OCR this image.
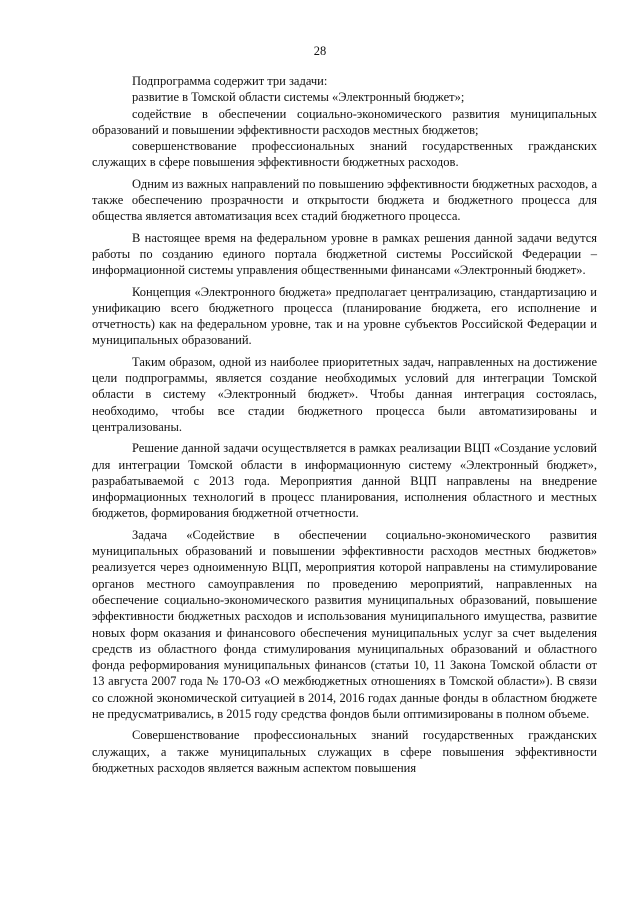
28

Подпрограмма содержит три задачи:

развитие в Томской области системы «Электронный бюджет»;

содействие в обеспечении социально-экономического развития муниципальных образований и повышении эффективности расходов местных бюджетов;

совершенствование профессиональных знаний государственных гражданских служащих в сфере повышения эффективности бюджетных расходов.

Одним из важных направлений по повышению эффективности бюджетных расходов, а также обеспечению прозрачности и открытости бюджета и бюджетного процесса для общества является автоматизация всех стадий бюджетного процесса.

В настоящее время на федеральном уровне в рамках решения данной задачи ведутся работы по созданию единого портала бюджетной системы Российской Федерации – информационной системы управления общественными финансами «Электронный бюджет».

Концепция «Электронного бюджета» предполагает централизацию, стандартизацию и унификацию всего бюджетного процесса (планирование бюджета, его исполнение и отчетность) как на федеральном уровне, так и на уровне субъектов Российской Федерации и муниципальных образований.

Таким образом, одной из наиболее приоритетных задач, направленных на достижение цели подпрограммы, является создание необходимых условий для интеграции Томской области в систему «Электронный бюджет». Чтобы данная интеграция состоялась, необходимо, чтобы все стадии бюджетного процесса были автоматизированы и централизованы.

Решение данной задачи осуществляется в рамках реализации ВЦП «Создание условий для интеграции Томской области в информационную систему «Электронный бюджет», разрабатываемой с 2013 года. Мероприятия данной ВЦП направлены на внедрение информационных технологий в процесс планирования, исполнения областного и местных бюджетов, формирования бюджетной отчетности.

Задача «Содействие в обеспечении социально-экономического развития муниципальных образований и повышении эффективности расходов местных бюджетов» реализуется через одноименную ВЦП, мероприятия которой направлены на стимулирование органов местного самоуправления по проведению мероприятий, направленных на обеспечение социально-экономического развития муниципальных образований, повышение эффективности бюджетных расходов и использования муниципального имущества, развитие новых форм оказания и финансового обеспечения муниципальных услуг за счет выделения средств из областного фонда стимулирования муниципальных образований и областного фонда реформирования муниципальных финансов (статьи 10, 11 Закона Томской области от 13 августа 2007 года № 170-ОЗ «О межбюджетных отношениях в Томской области»). В связи со сложной экономической ситуацией в 2014, 2016 годах данные фонды в областном бюджете не предусматривались, в 2015 году средства фондов были оптимизированы в полном объеме.

Совершенствование профессиональных знаний государственных гражданских служащих, а также муниципальных служащих в сфере повышения эффективности бюджетных расходов является важным аспектом повышения
